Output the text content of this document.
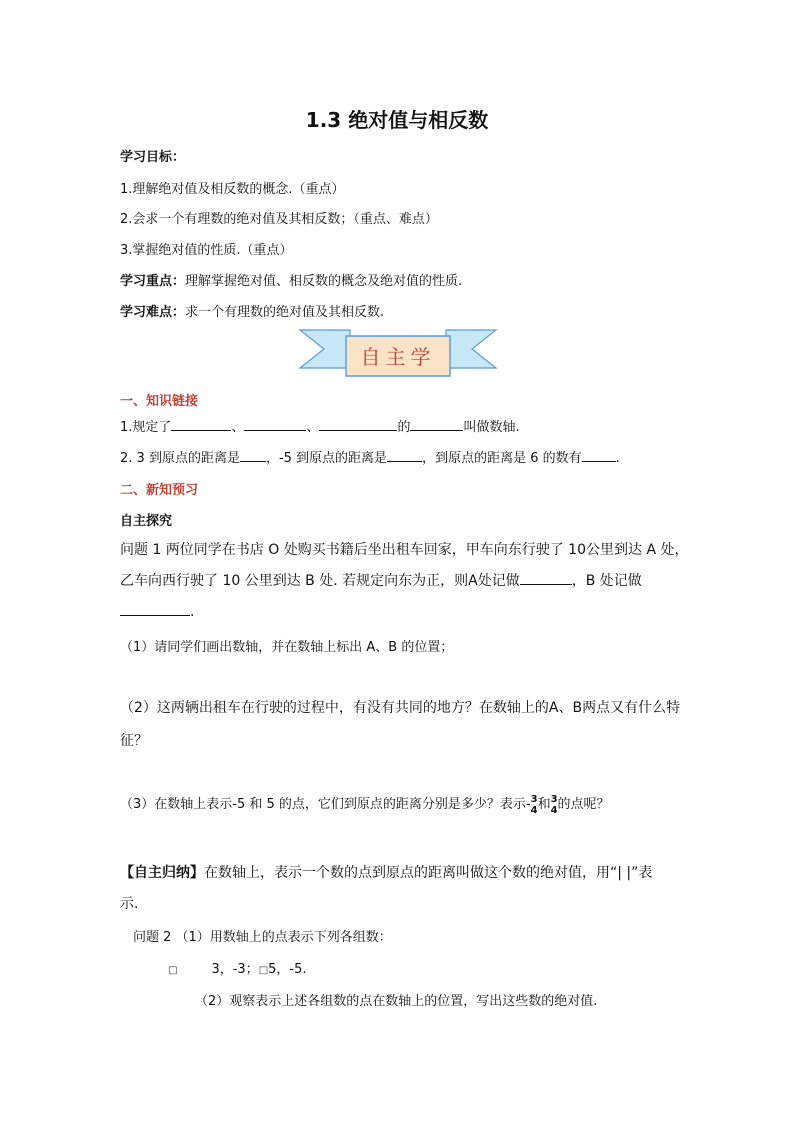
1.3 绝对值与相反数
学习目标：
1.理解绝对值及相反数的概念.（重点）
2.会求一个有理数的绝对值及其相反数；（重点、难点）
3.掌握绝对值的性质.（重点）
学习重点：理解掌握绝对值、相反数的概念及绝对值的性质.
学习难点：求一个有理数的绝对值及其相反数.
自主学
一、知识链接
1.规定了	、	、	的	叫做数轴.
2. 3 到原点的距离是 ，-5 到原点的距离是	，到原点的距离是 6 的数有	.
二、新知预习
自主探究
问题 1 两位同学在书店 O 处购买书籍后坐出租车回家，甲车向东行驶了 10公里到达 A 处，
乙车向西行驶了 10 公里到达 B 处. 若规定向东为正，则A处记做	，B 处记做
.
（1）请同学们画出数轴，并在数轴上标出 A、B 的位置；
（2）这两辆出租车在行驶的过程中，有没有共同的地方？在数轴上的A、B两点又有什么特
征？
（3）在数轴上表示-5 和 5 的点，它们到原点的距离分别是多少？表示- 3
4 和 3
4 的点呢？
【自主归纳】在数轴上，表示一个数的点到原点的距离叫做这个数的绝对值，用“| |”表
示.
问题 2 （1）用数轴上的点表示下列各组数：
□	3，-3；□5，-5.
（2）观察表示上述各组数的点在数轴上的位置，写出这些数的绝对值.
